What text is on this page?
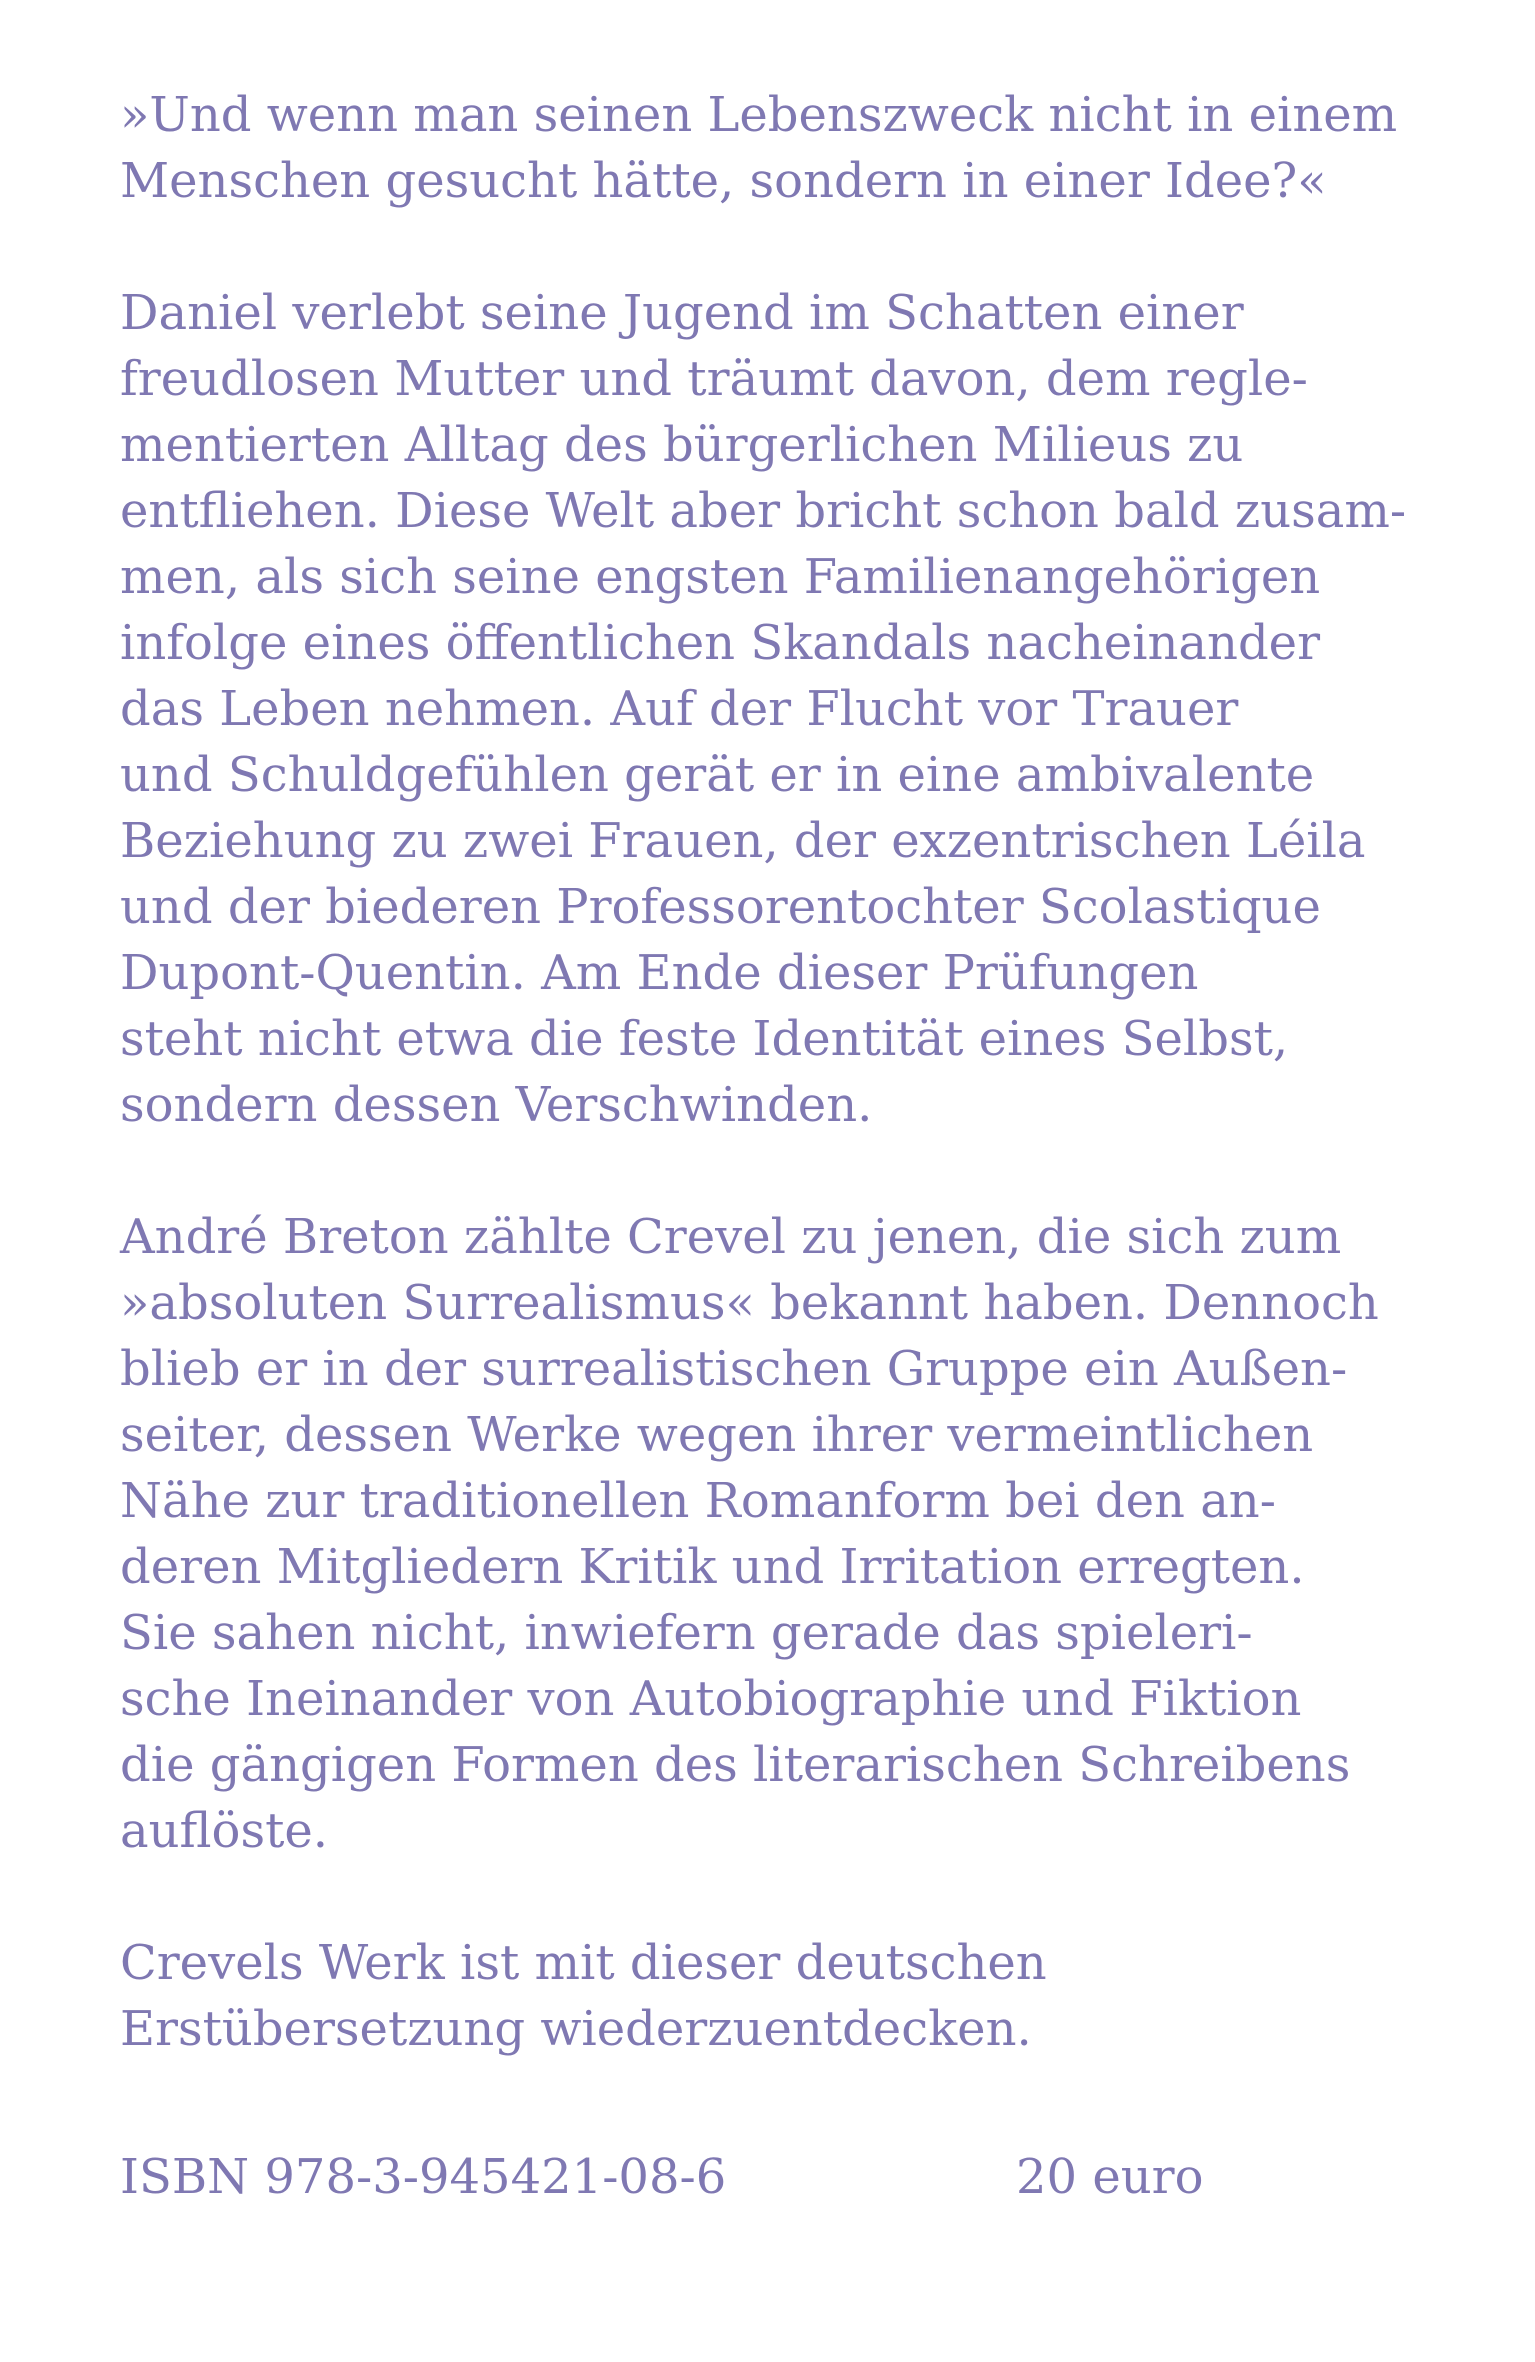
»Und wenn man seinen Lebenszweck nicht in einem
Menschen gesucht hätte, sondern in einer Idee?«

Daniel verlebt seine Jugend im Schatten einer
freudlosen Mutter und träumt davon, dem regle-
mentierten Alltag des bürgerlichen Milieus zu
entfliehen. Diese Welt aber bricht schon bald zusam-
men, als sich seine engsten Familienangehörigen
infolge eines öffentlichen Skandals nacheinander
das Leben nehmen. Auf der Flucht vor Trauer
und Schuldgefühlen gerät er in eine ambivalente
Beziehung zu zwei Frauen, der exzentrischen Léila
und der biederen Professorentochter Scolastique
Dupont-Quentin. Am Ende dieser Prüfungen
steht nicht etwa die feste Identität eines Selbst,
sondern dessen Verschwinden.

André Breton zählte Crevel zu jenen, die sich zum
»absoluten Surrealismus« bekannt haben. Dennoch
blieb er in der surrealistischen Gruppe ein Außen-
seiter, dessen Werke wegen ihrer vermeintlichen
Nähe zur traditionellen Romanform bei den an-
deren Mitgliedern Kritik und Irritation erregten.
Sie sahen nicht, inwiefern gerade das spieleri-
sche Ineinander von Autobiographie und Fiktion
die gängigen Formen des literarischen Schreibens
auflöste.

Crevels Werk ist mit dieser deutschen
Erstübersetzung wiederzuentdecken.

ISBN 978-3-945421-08-6	20 euro
